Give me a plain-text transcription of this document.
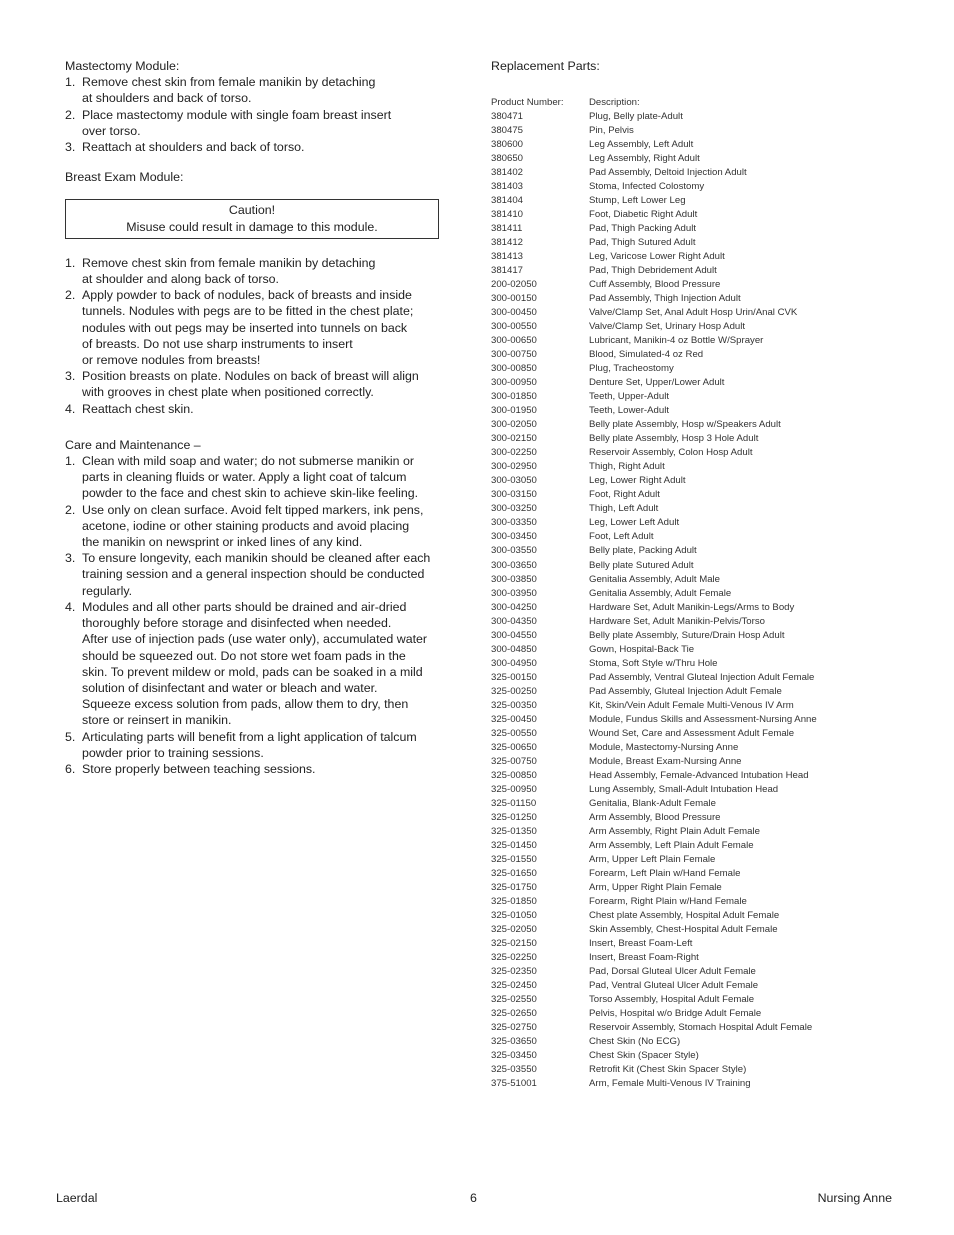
Mastectomy Module:

1. Remove chest skin from female manikin by detaching
at shoulders and back of torso.
2. Place mastectomy module with single foam breast insert
over torso.
3. Reattach at shoulders and back of torso.

Breast Exam Module:

Caution!
Misuse could result in damage to this module.
1. Remove chest skin from female manikin by detaching
at shoulder and along back of torso.
2. Apply powder to back of nodules, back of breasts and inside
tunnels. Nodules with pegs are to be fitted in the chest plate;
nodules with out pegs may be inserted into tunnels on back
of breasts. Do not use sharp instruments to insert
or remove nodules from breasts!
3. Position breasts on plate. Nodules on back of breast will align
with grooves in chest plate when positioned correctly.
4. Reattach chest skin.

Care and Maintenance –

1. Clean with mild soap and water; do not submerse manikin or
parts in cleaning fluids or water. Apply a light coat of talcum
powder to the face and chest skin to achieve skin-like feeling.
2. Use only on clean surface. Avoid felt tipped markers, ink pens,
acetone, iodine or other staining products and avoid placing
the manikin on newsprint or inked lines of any kind.
3. To ensure longevity, each manikin should be cleaned after each
training session and a general inspection should be conducted
regularly.
4. Modules and all other parts should be drained and air-dried
thoroughly before storage and disinfected when needed.
After use of injection pads (use water only), accumulated water
should be squeezed out. Do not store wet foam pads in the
skin. To prevent mildew or mold, pads can be soaked in a mild
solution of disinfectant and water or bleach and water.
Squeeze excess solution from pads, allow them to dry, then
store or reinsert in manikin.
5. Articulating parts will benefit from a light application of talcum
powder prior to training sessions.
6. Store properly between teaching sessions.

Replacement Parts:

Product Number:	Description:
380471	Plug, Belly plate-Adult
380475	Pin, Pelvis
380600	Leg Assembly, Left Adult
380650	Leg Assembly, Right Adult
381402	Pad Assembly, Deltoid Injection Adult
381403	Stoma, Infected Colostomy
381404	Stump, Left Lower Leg
381410	Foot, Diabetic Right Adult
381411	Pad, Thigh Packing Adult
381412	Pad, Thigh Sutured Adult
381413	Leg, Varicose Lower Right Adult
381417	Pad, Thigh Debridement Adult
200-02050	Cuff Assembly, Blood Pressure
300-00150	Pad Assembly, Thigh Injection Adult
300-00450	Valve/Clamp Set, Anal Adult Hosp Urin/Anal CVK
300-00550	Valve/Clamp Set, Urinary Hosp Adult
300-00650	Lubricant, Manikin-4 oz Bottle W/Sprayer
300-00750	Blood, Simulated-4 oz Red
300-00850	Plug, Tracheostomy
300-00950	Denture Set, Upper/Lower Adult
300-01850	Teeth, Upper-Adult
300-01950	Teeth, Lower-Adult
300-02050	Belly plate Assembly, Hosp w/Speakers Adult
300-02150	Belly plate Assembly, Hosp 3 Hole Adult
300-02250	Reservoir Assembly, Colon Hosp Adult
300-02950	Thigh, Right Adult
300-03050	Leg, Lower Right Adult
300-03150	Foot, Right Adult
300-03250	Thigh, Left Adult
300-03350	Leg, Lower Left Adult
300-03450	Foot, Left Adult
300-03550	Belly plate, Packing Adult
300-03650	Belly plate Sutured Adult
300-03850	Genitalia Assembly, Adult Male
300-03950	Genitalia Assembly, Adult Female
300-04250	Hardware Set, Adult Manikin-Legs/Arms to Body
300-04350	Hardware Set, Adult Manikin-Pelvis/Torso
300-04550	Belly plate Assembly, Suture/Drain Hosp Adult
300-04850	Gown, Hospital-Back Tie
300-04950	Stoma, Soft Style w/Thru Hole
325-00150	Pad Assembly, Ventral Gluteal Injection Adult Female
325-00250	Pad Assembly, Gluteal Injection Adult Female
325-00350	Kit, Skin/Vein Adult Female Multi-Venous IV Arm
325-00450	Module, Fundus Skills and Assessment-Nursing Anne
325-00550	Wound Set, Care and Assessment Adult Female
325-00650	Module, Mastectomy-Nursing Anne
325-00750	Module, Breast Exam-Nursing Anne
325-00850	Head Assembly, Female-Advanced Intubation Head
325-00950	Lung Assembly, Small-Adult Intubation Head
325-01150	Genitalia, Blank-Adult Female
325-01250	Arm Assembly, Blood Pressure
325-01350	Arm Assembly, Right Plain Adult Female
325-01450	Arm Assembly, Left Plain Adult Female
325-01550	Arm, Upper Left Plain Female
325-01650	Forearm, Left Plain w/Hand Female
325-01750	Arm, Upper Right Plain Female
325-01850	Forearm, Right Plain w/Hand Female
325-01050	Chest plate Assembly, Hospital Adult Female
325-02050	Skin Assembly, Chest-Hospital Adult Female
325-02150	Insert, Breast Foam-Left
325-02250	Insert, Breast Foam-Right
325-02350	Pad, Dorsal Gluteal Ulcer Adult Female
325-02450	Pad, Ventral Gluteal Ulcer Adult Female
325-02550	Torso Assembly, Hospital Adult Female
325-02650	Pelvis, Hospital w/o Bridge Adult Female
325-02750	Reservoir Assembly, Stomach Hospital Adult Female
325-03650	Chest Skin (No ECG)
325-03450	Chest Skin (Spacer Style)
325-03550	Retrofit Kit (Chest Skin Spacer Style)
375-51001	Arm, Female Multi-Venous IV Training
Laerdal	6	Nursing Anne
